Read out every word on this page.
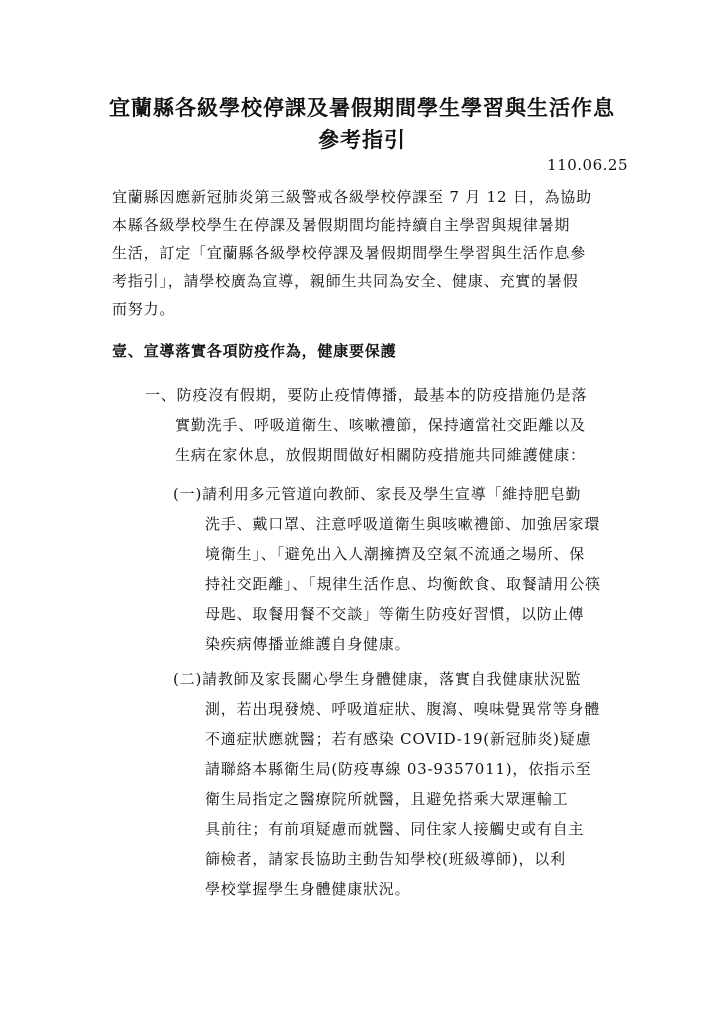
宜蘭縣各級學校停課及暑假期間學生學習與生活作息
參考指引
110.06.25
宜蘭縣因應新冠肺炎第三級警戒各級學校停課至 7 月 12 日，為協助
本縣各級學校學生在停課及暑假期間均能持續自主學習與規律暑期
生活，訂定「宜蘭縣各級學校停課及暑假期間學生學習與生活作息參
考指引」，請學校廣為宣導，親師生共同為安全、健康、充實的暑假
而努力。
壹、宣導落實各項防疫作為，健康要保護
一、防疫沒有假期，要防止疫情傳播，最基本的防疫措施仍是落
實勤洗手、呼吸道衛生、咳嗽禮節，保持適當社交距離以及
生病在家休息，放假期間做好相關防疫措施共同維護健康：
(一)請利用多元管道向教師、家長及學生宣導「維持肥皂勤
洗手、戴口罩、注意呼吸道衛生與咳嗽禮節、加強居家環
境衛生」、「避免出入人潮擁擠及空氣不流通之場所、保
持社交距離」、「規律生活作息、均衡飲食、取餐請用公筷
母匙、取餐用餐不交談」等衛生防疫好習慣，以防止傳
染疾病傳播並維護自身健康。
(二)請教師及家長關心學生身體健康，落實自我健康狀況監
測，若出現發燒、呼吸道症狀、腹瀉、嗅味覺異常等身體
不適症狀應就醫；若有感染 COVID-19(新冠肺炎)疑慮
請聯絡本縣衛生局(防疫專線 03-9357011)，依指示至
衛生局指定之醫療院所就醫，且避免搭乘大眾運輸工
具前往；有前項疑慮而就醫、同住家人接觸史或有自主
篩檢者，請家長協助主動告知學校(班級導師)，以利
學校掌握學生身體健康狀況。
